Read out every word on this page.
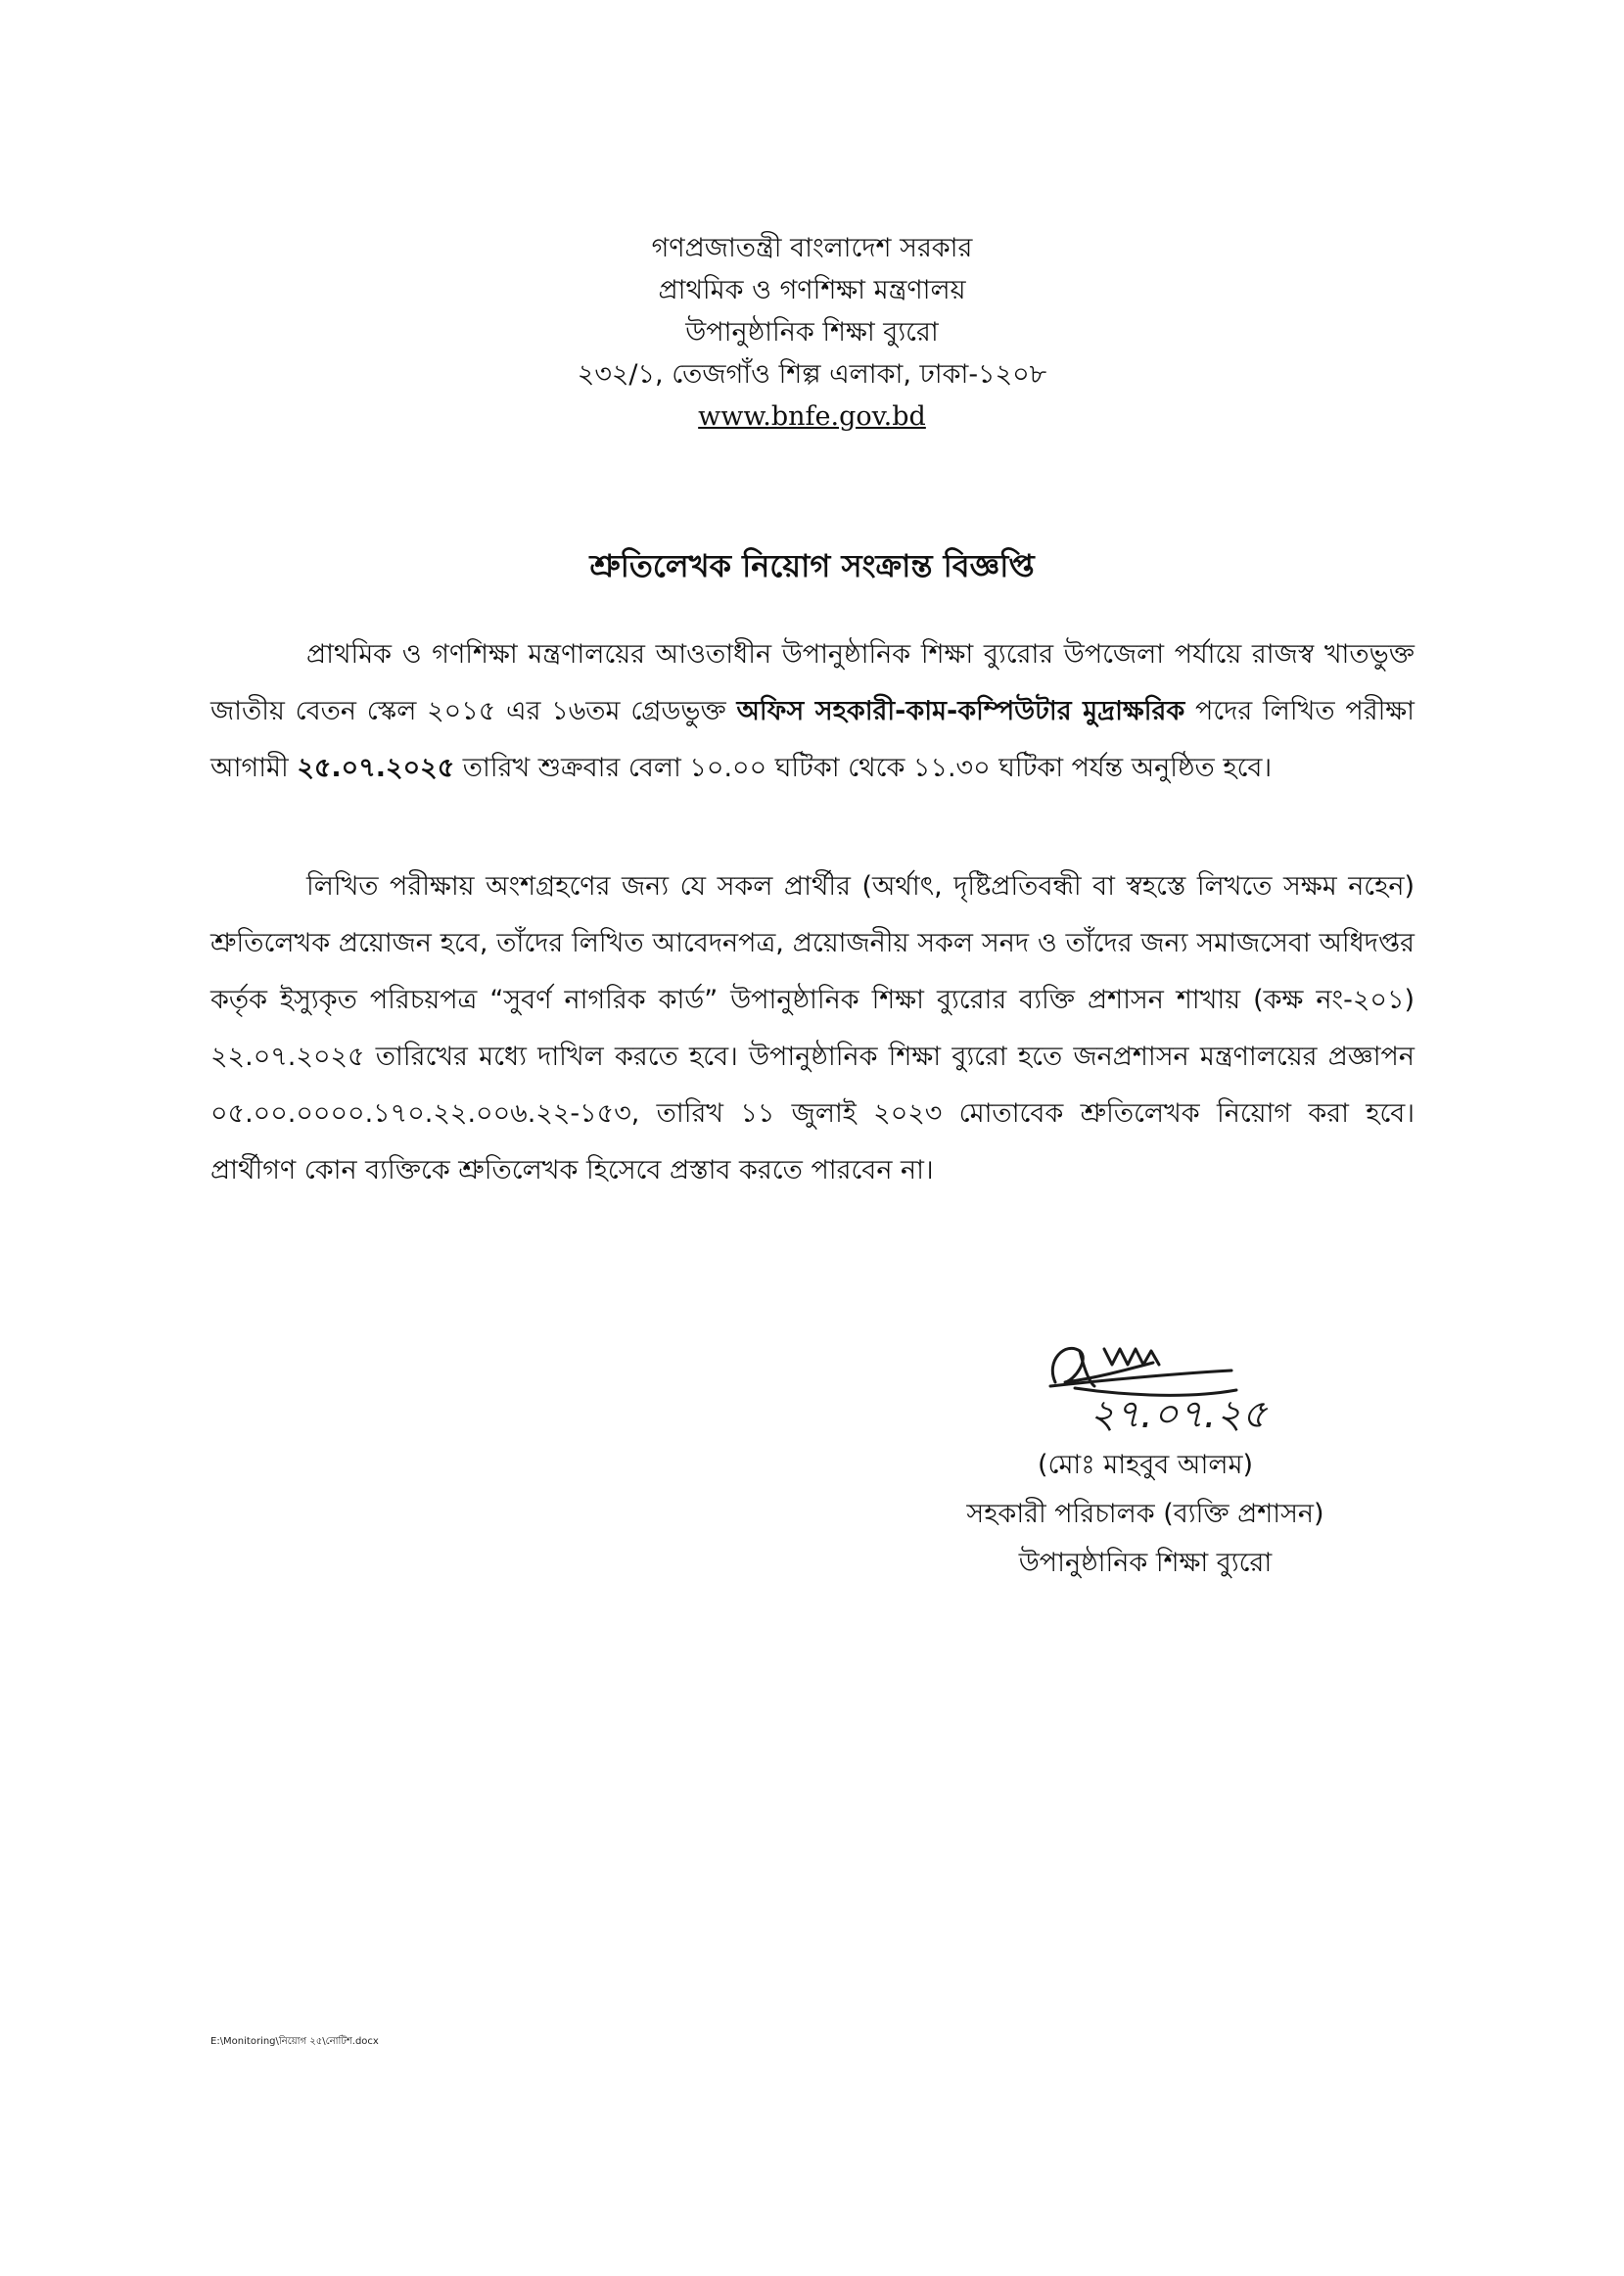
গণপ্রজাতন্ত্রী বাংলাদেশ সরকার
প্রাথমিক ও গণশিক্ষা মন্ত্রণালয়
উপানুষ্ঠানিক শিক্ষা ব্যুরো
২৩২/১, তেজগাঁও শিল্প এলাকা, ঢাকা-১২০৮
www.bnfe.gov.bd
শ্রুতিলেখক নিয়োগ সংক্রান্ত বিজ্ঞপ্তি

প্রাথমিক ও গণশিক্ষা মন্ত্রণালয়ের আওতাধীন উপানুষ্ঠানিক শিক্ষা ব্যুরোর উপজেলা পর্যায়ে রাজস্ব খাতভুক্ত জাতীয় বেতন স্কেল ২০১৫ এর ১৬তম গ্রেডভুক্ত অফিস সহকারী-কাম-কম্পিউটার মুদ্রাক্ষরিক পদের লিখিত পরীক্ষা আগামী ২৫.০৭.২০২৫ তারিখ শুক্রবার বেলা ১০.০০ ঘটিকা থেকে ১১.৩০ ঘটিকা পর্যন্ত অনুষ্ঠিত হবে।

লিখিত পরীক্ষায় অংশগ্রহণের জন্য যে সকল প্রার্থীর (অর্থাৎ, দৃষ্টিপ্রতিবন্ধী বা স্বহস্তে লিখতে সক্ষম নহেন) শ্রুতিলেখক প্রয়োজন হবে, তাঁদের লিখিত আবেদনপত্র, প্রয়োজনীয় সকল সনদ ও তাঁদের জন্য সমাজসেবা অধিদপ্তর কর্তৃক ইস্যুকৃত পরিচয়পত্র “সুবর্ণ নাগরিক কার্ড” উপানুষ্ঠানিক শিক্ষা ব্যুরোর ব্যক্তি প্রশাসন শাখায় (কক্ষ নং-২০১) ২২.০৭.২০২৫ তারিখের মধ্যে দাখিল করতে হবে। উপানুষ্ঠানিক শিক্ষা ব্যুরো হতে জনপ্রশাসন মন্ত্রণালয়ের প্রজ্ঞাপন ০৫.০০.০০০০.১৭০.২২.০০৬.২২-১৫৩, তারিখ ১১ জুলাই ২০২৩ মোতাবেক শ্রুতিলেখক নিয়োগ করা হবে। প্রার্থীগণ কোন ব্যক্তিকে শ্রুতিলেখক হিসেবে প্রস্তাব করতে পারবেন না।

২৭.০৭.২৫
(মোঃ মাহবুব আলম)
সহকারী পরিচালক (ব্যক্তি প্রশাসন)
উপানুষ্ঠানিক শিক্ষা ব্যুরো
E:\Monitoring\নিয়োগ ২৫\নোটিশ.docx
